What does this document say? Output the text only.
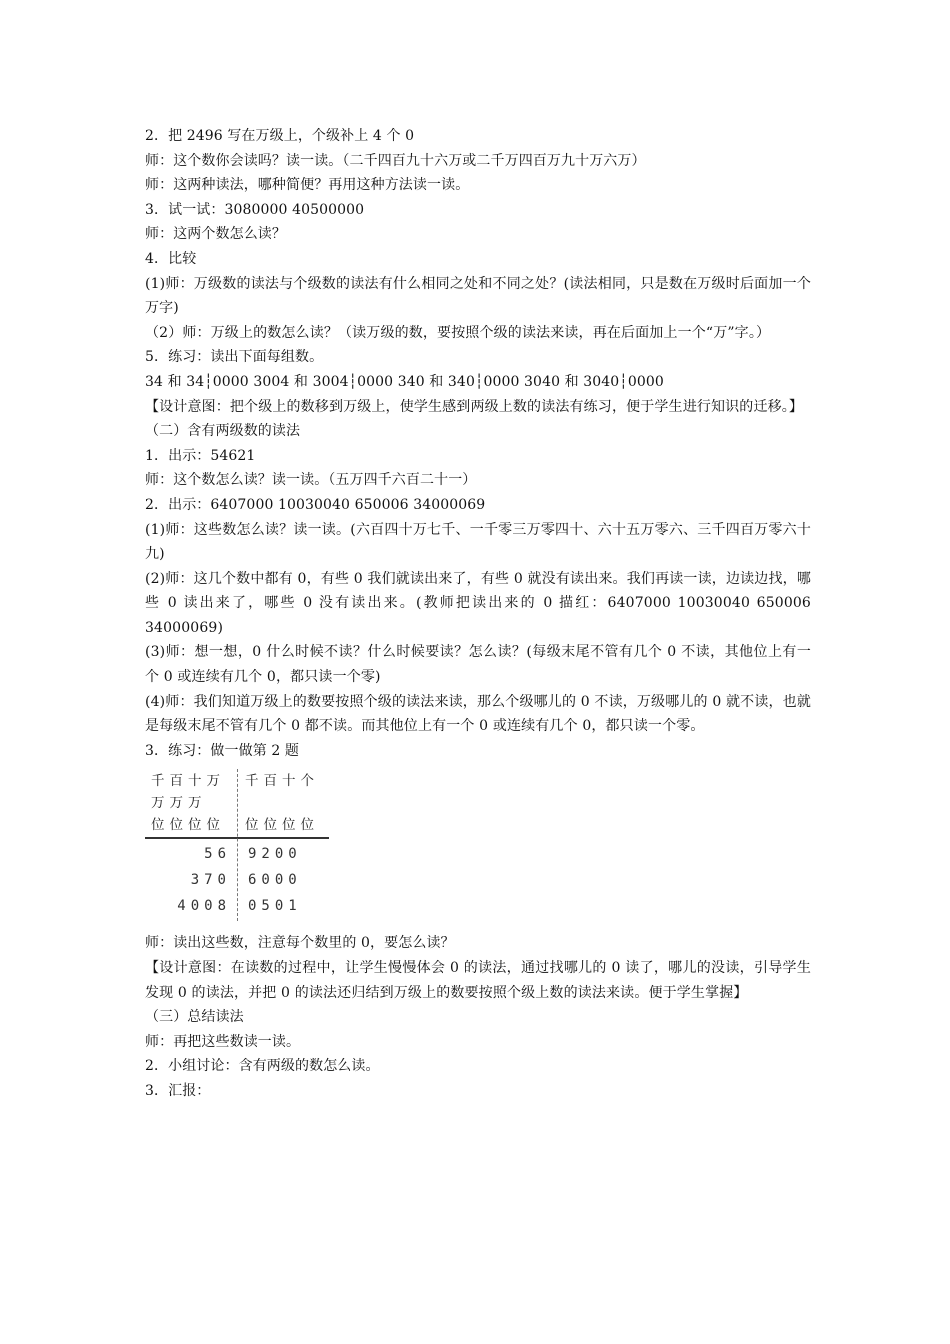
2．把 2496 写在万级上，个级补上 4 个 0
师：这个数你会读吗？读一读。（二千四百九十六万或二千万四百万九十万六万）
师：这两种读法，哪种简便？再用这种方法读一读。
3．试一试：3080000 40500000
师：这两个数怎么读？
4．比较
(1)师：万级数的读法与个级数的读法有什么相同之处和不同之处？(读法相同，只是数在万级时后面加一个万字)
（2）师：万级上的数怎么读？（读万级的数，要按照个级的读法来读，再在后面加上一个“万”字。）
5．练习：读出下面每组数。
34 和 34┆0000 3004 和 3004┆0000 340 和 340┆0000 3040 和 3040┆0000
【设计意图：把个级上的数移到万级上，使学生感到两级上数的读法有练习，便于学生进行知识的迁移。】
（二）含有两级数的读法
1．出示：54621
师：这个数怎么读？读一读。（五万四千六百二十一）
2．出示：6407000 10030040 650006 34000069
(1)师：这些数怎么读？读一读。(六百四十万七千、一千零三万零四十、六十五万零六、三千四百万零六十九)
(2)师：这几个数中都有 0，有些 0 我们就读出来了，有些 0 就没有读出来。我们再读一读，边读边找，哪些 0 读出来了，哪些 0 没有读出来。(教师把读出来的 0 描红：6407000 10030040 650006 34000069)
(3)师：想一想，0 什么时候不读？什么时候要读？怎么读？(每级末尾不管有几个 0 不读，其他位上有一个 0 或连续有几个 0，都只读一个零)
(4)师：我们知道万级上的数要按照个级的读法来读，那么个级哪儿的 0 不读，万级哪儿的 0 就不读，也就是每级末尾不管有几个 0 都不读。而其他位上有一个 0 或连续有几个 0，都只读一个零。
3．练习：做一做第 2 题
千百十万
万万万
位位位位
千百十个
位位位位
56 9200
370 6000
4008 0501
师：读出这些数，注意每个数里的 0，要怎么读？
【设计意图：在读数的过程中，让学生慢慢体会 0 的读法，通过找哪儿的 0 读了，哪儿的没读，引导学生发现 0 的读法，并把 0 的读法还归结到万级上的数要按照个级上数的读法来读。便于学生掌握】
（三）总结读法
师：再把这些数读一读。
2．小组讨论：含有两级的数怎么读。
3．汇报：
